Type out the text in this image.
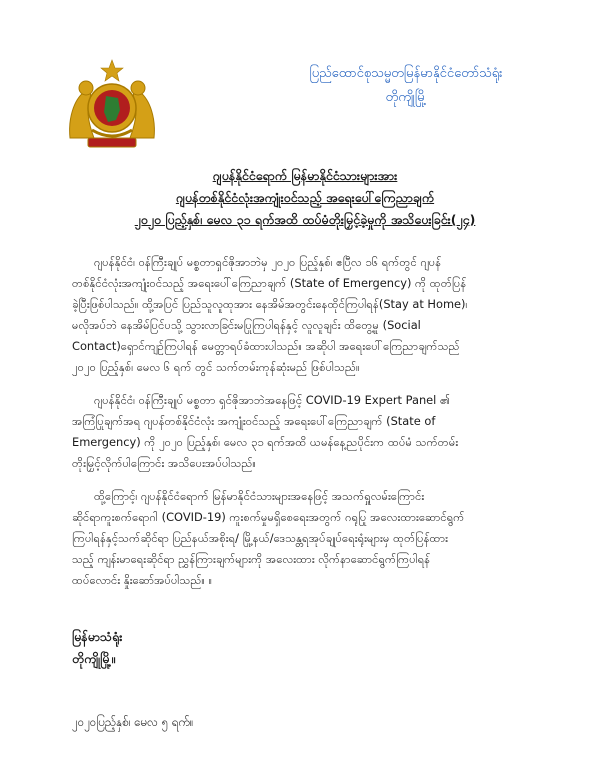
ပြည်ထောင်စုသမ္မတမြန်မာနိုင်ငံတော်သံရုံး
တိုကျိုမြို့
ဂျပန်နိုင်ငံရောက် မြန်မာနိုင်ငံသားများအား
ဂျပန်တစ်နိုင်ငံလုံးအကျုံးဝင်သည့် အရေးပေါ်ကြေညာချက်
၂၀၂၀ ပြည့်နှစ်၊ မေလ ၃၁ ရက်အထိ ထပ်မံတိုးမြှင့်ခဲ့မှုကို အသိပေးခြင်း(၂၄)
ဂျပန်နိုင်ငံ၊ ဝန်ကြီးချုပ် မစ္စတာရှင်ဇိုအာဘဲမှ ၂၀၂၀ ပြည့်နှစ်၊ ဧပြီလ ၁၆ ရက်တွင် ဂျပန်
တစ်နိုင်ငံလုံးအကျုံးဝင်သည့် အရေးပေါ်ကြေညာချက် (State of Emergency) ကို ထုတ်ပြန်
ခဲ့ပြီးဖြစ်ပါသည်။ ထို့အပြင် ပြည်သူလူထုအား နေအိမ်အတွင်းနေထိုင်ကြပါရန်(Stay at Home)၊
မလိုအပ်ဘဲ နေအိမ်ပြင်ပသို့ သွားလာခြင်းမပြုကြပါရန်နှင့် လူလူချင်း ထိတွေ့မှု (Social
Contact)ရှောင်ကျဉ်ကြပါရန် မေတ္တာရပ်ခံထားပါသည်။ အဆိုပါ အရေးပေါ်ကြေညာချက်သည်
၂၀၂၀ ပြည့်နှစ်၊ မေလ ၆ ရက် တွင် သက်တမ်းကုန်ဆုံးမည် ဖြစ်ပါသည်။
ဂျပန်နိုင်ငံ၊ ဝန်ကြီးချုပ် မစ္စတာ ရှင်ဇိုအာဘဲအနေဖြင့် COVID-19 Expert Panel ၏
အကြံပြုချက်အရ ဂျပန်တစ်နိုင်ငံလုံး အကျုံးဝင်သည့် အရေးပေါ်ကြေညာချက် (State of
Emergency) ကို ၂၀၂၀ ပြည့်နှစ်၊ မေလ ၃၁ ရက်အထိ ယမန်နေ့ညပိုင်းက ထပ်မံ သက်တမ်း
တိုးမြှင့်လိုက်ပါကြောင်း အသိပေးအပ်ပါသည်။
ထို့ကြောင့်၊ ဂျပန်နိုင်ငံရောက် မြန်မာနိုင်ငံသားများအနေဖြင့် အသက်ရှူလမ်းကြောင်း
ဆိုင်ရာကူးစက်ရောဂါ (COVID-19) ကူးစက်မှုမရှိစေရေးအတွက် ဂရုပြု အလေးထားဆောင်ရွက်
ကြပါရန်နှင့်သက်ဆိုင်ရာ ပြည်နယ်အစိုးရ/ မြို့နယ်/ဒေသန္တရအုပ်ချုပ်ရေးရုံးများမှ ထုတ်ပြန်ထား
သည့် ကျန်းမာရေးဆိုင်ရာ ညွှန်ကြားချက်များကို အလေးထား လိုက်နာဆောင်ရွက်ကြပါရန်
ထပ်လောင်း နှိုးဆော်အပ်ပါသည်။ ။
မြန်မာသံရုံး
တိုကျိုမြို့။
၂၀၂၀ပြည့်နှစ်၊ မေလ ၅ ရက်။
